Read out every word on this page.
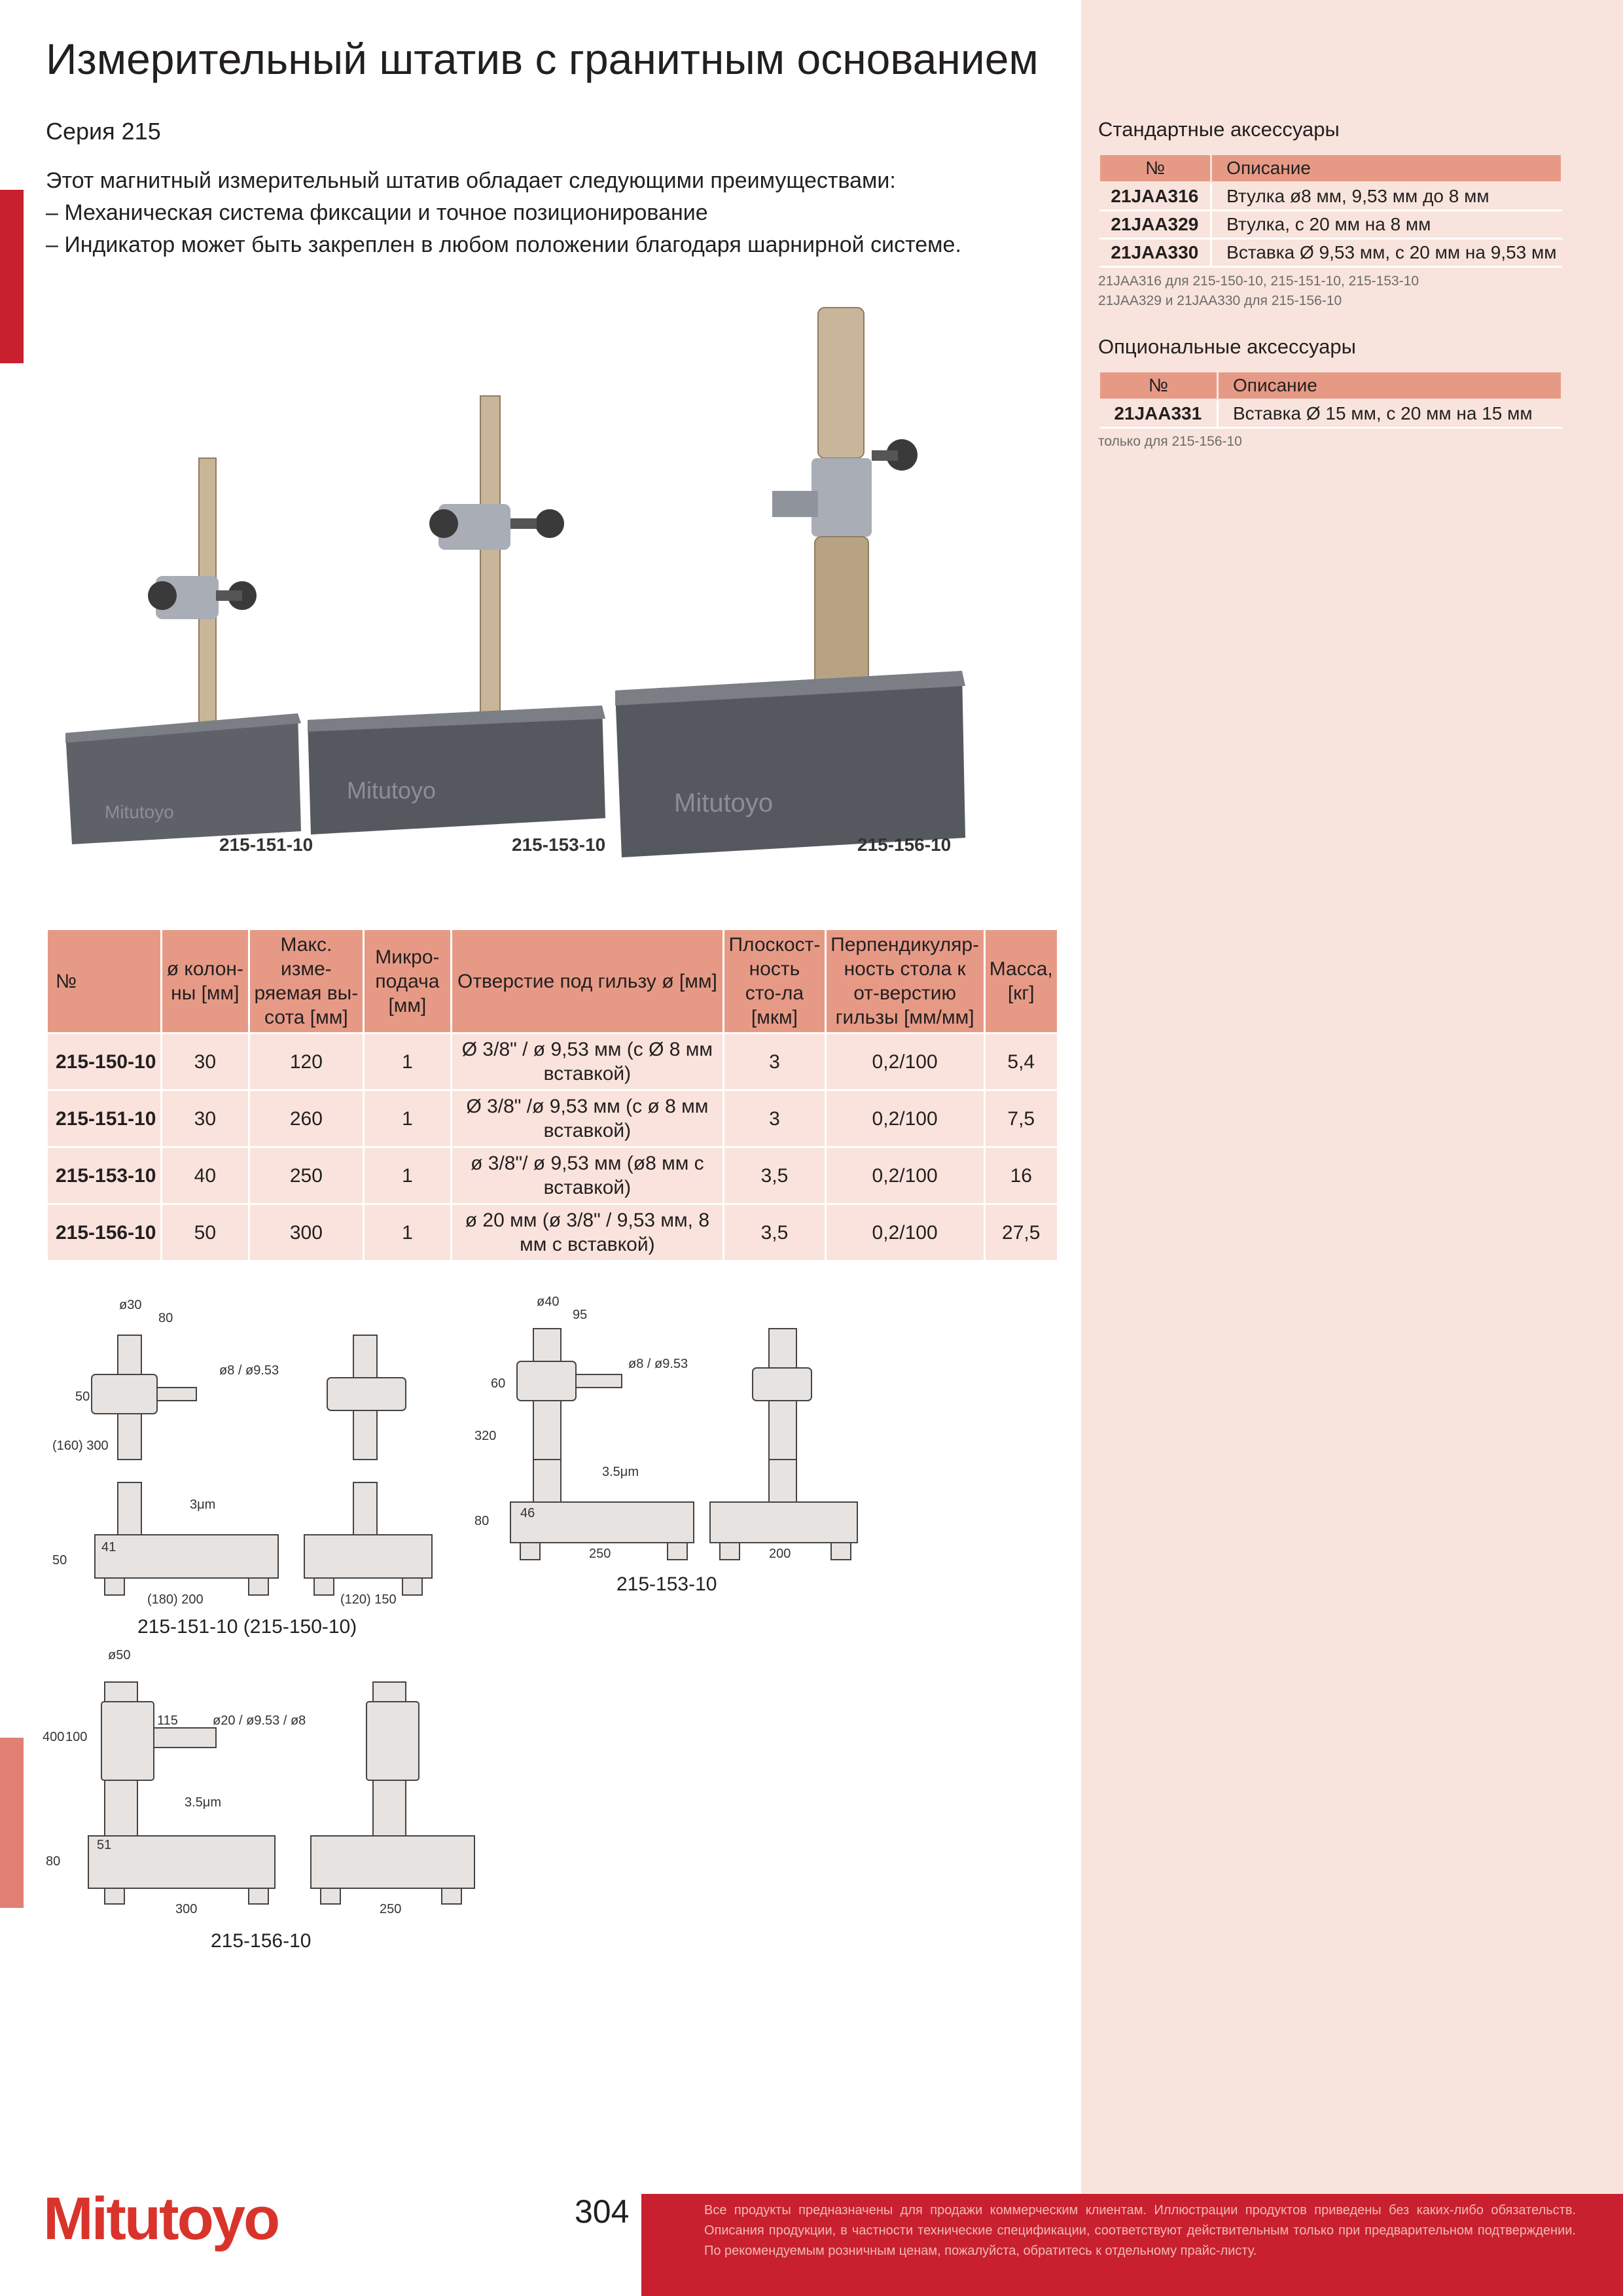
Измерительный штатив с гранитным основанием
Серия 215
Этот магнитный измерительный штатив обладает следующими преимуществами:
– Механическая система фиксации и точное позиционирование
– Индикатор может быть закреплен в любом положении благодаря шарнирной системе.
Mitutoyo
Mitutoyo	Mitutoyo
215-151-10	215-153-10	215-156-10
№	ø колон-ны [мм]	Макс. изме-ряемая вы-сота [мм]	Микро-подача [мм]	Отверстие под гильзу ø [мм]	Плоскост-ность сто-ла [мкм]	Перпендикуляр-ность стола к от-верстию гильзы [мм/мм]	Масса, [кг]
215-150-10	30	120	1	Ø 3/8" / ø 9,53 мм (с Ø 8 мм вставкой)	3	0,2/100	5,4
215-151-10	30	260	1	Ø 3/8" /ø 9,53 мм (с ø 8 мм вставкой)	3	0,2/100	7,5
215-153-10	40	250	1	ø 3/8"/ ø 9,53 мм (ø8 мм с вставкой)	3,5	0,2/100	16
215-156-10	50	300	1	ø 20 мм (ø 3/8" / 9,53 мм, 8 мм с вставкой)	3,5	0,2/100	27,5
Стандартные аксессуары
№	Описание
21JAA316	Втулка ø8 мм, 9,53 мм до 8 мм
21JAA329	Втулка, с 20 мм на 8 мм
21JAA330	Вставка Ø 9,53 мм, с 20 мм на 9,53 мм
21JAA316 для 215-150-10, 215-151-10, 215-153-10
21JAA329 и 21JAA330 для 215-156-10
Опциональные аксессуары
№	Описание
21JAA331	Вставка Ø 15 мм, с 20 мм на 15 мм
только для 215-156-10
ø30
80
ø8 / ø9.53
50
(160) 300
3μm
41
50
(180) 200	(120) 150
ø40
95
ø8 / ø9.53
60
320
3.5μm
46
80
250	200
ø50
115	ø20 / ø9.53 / ø8
100
400
3.5μm
51
80
300	250
215-151-10 (215-150-10)
215-153-10
215-156-10
Mitutoyo	304	Все продукты предназначены для продажи коммерческим клиентам. Иллюстрации продуктов приведены без каких-либо обязательств. Описания продукции, в частности технические спецификации, соответствуют действительным только при предварительном подтверждении. По рекомендуемым розничным ценам, пожалуйста, обратитесь к отдельному прайс-листу.
